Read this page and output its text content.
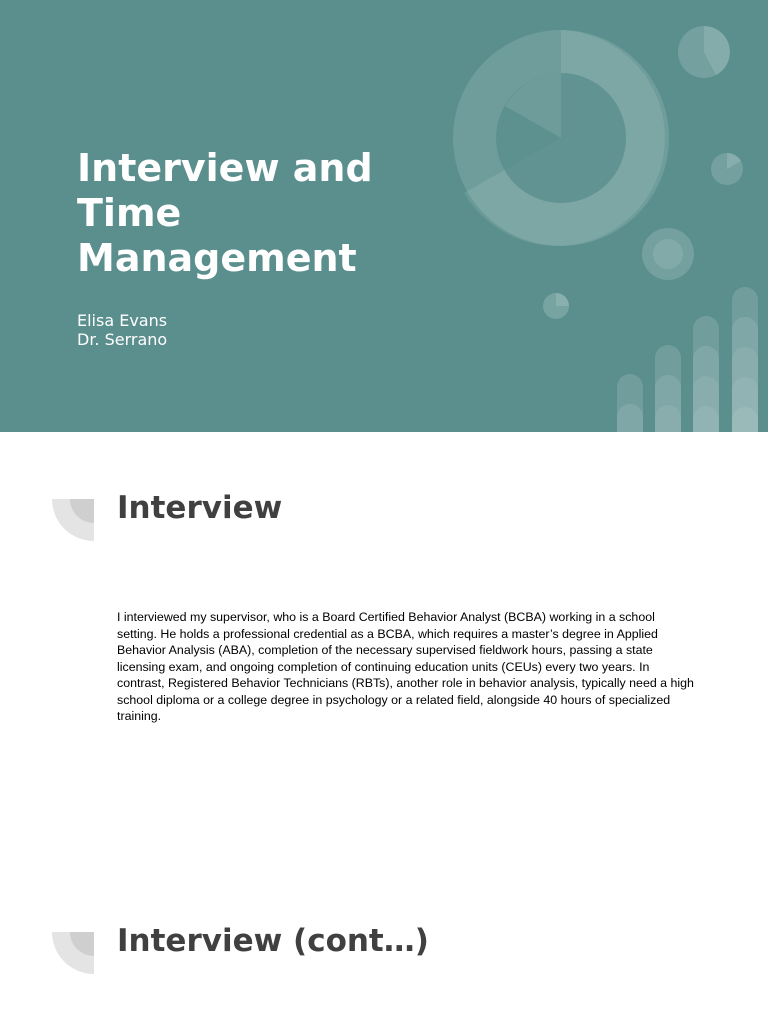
Interview and Time Management
Elisa Evans
Dr. Serrano
Interview

I interviewed my supervisor, who is a Board Certified Behavior Analyst (BCBA) working in a school setting. He holds a professional credential as a BCBA, which requires a master’s degree in Applied Behavior Analysis (ABA), completion of the necessary supervised fieldwork hours, passing a state licensing exam, and ongoing completion of continuing education units (CEUs) every two years. In contrast, Registered Behavior Technicians (RBTs), another role in behavior analysis, typically need a high school diploma or a college degree in psychology or a related field, alongside 40 hours of specialized training.

Interview (cont…)
